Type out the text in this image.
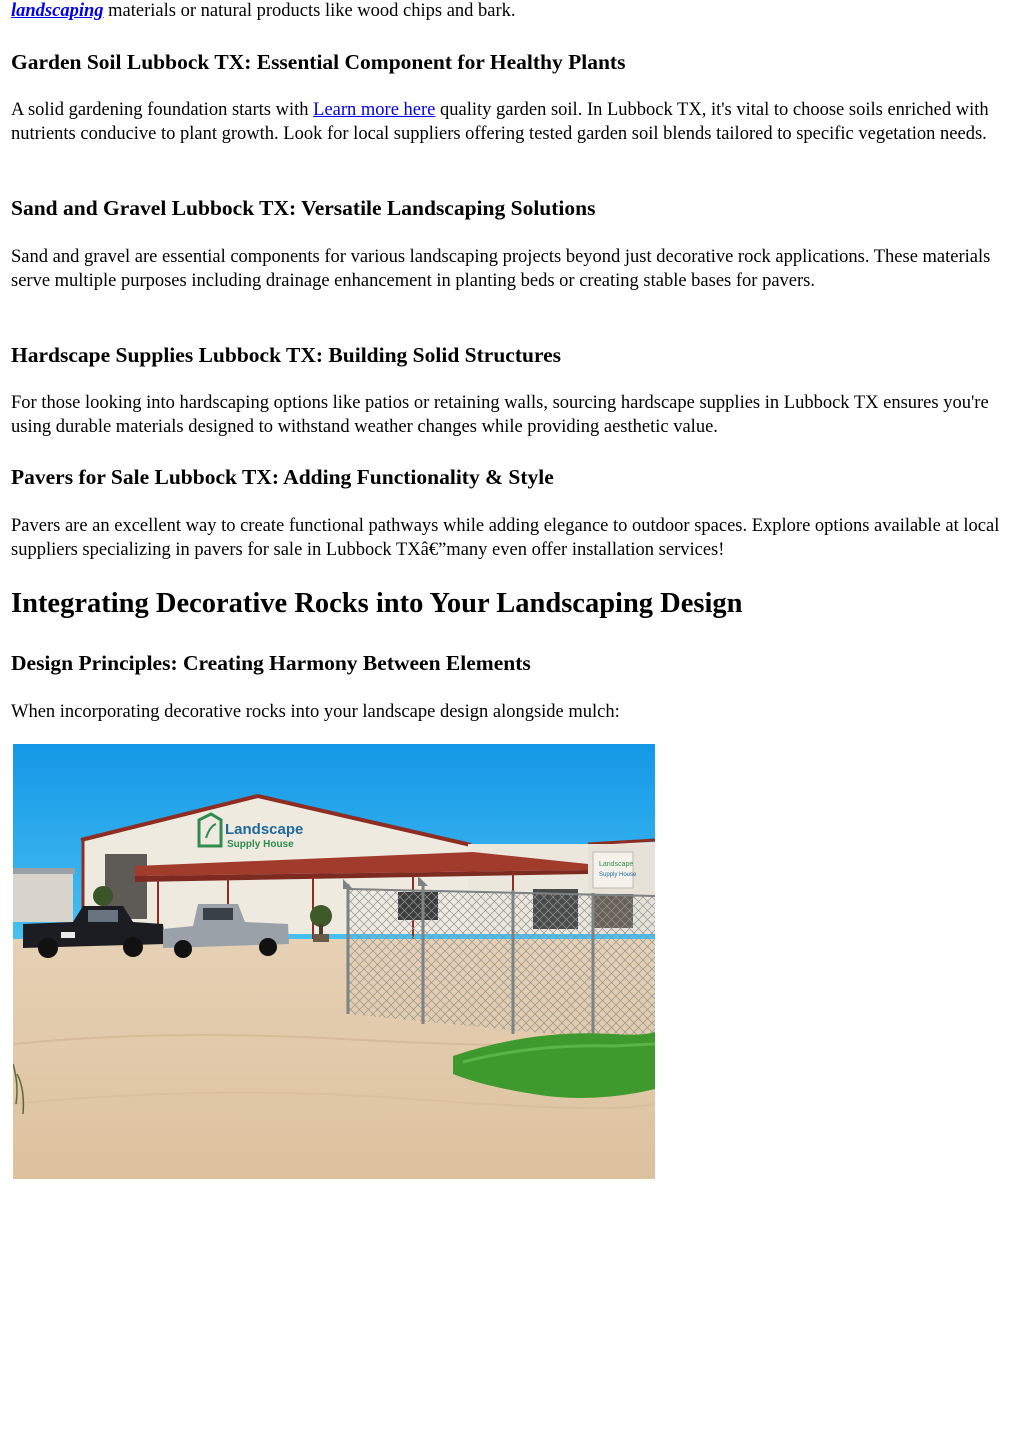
landscaping materials or natural products like wood chips and bark.

Garden Soil Lubbock TX: Essential Component for Healthy Plants

A solid gardening foundation starts with Learn more here quality garden soil. In Lubbock TX, it's vital to choose soils enriched with nutrients conducive to plant growth. Look for local suppliers offering tested garden soil blends tailored to specific vegetation needs.

Sand and Gravel Lubbock TX: Versatile Landscaping Solutions

Sand and gravel are essential components for various landscaping projects beyond just decorative rock applications. These materials serve multiple purposes including drainage enhancement in planting beds or creating stable bases for pavers.

Hardscape Supplies Lubbock TX: Building Solid Structures

For those looking into hardscaping options like patios or retaining walls, sourcing hardscape supplies in Lubbock TX ensures you're using durable materials designed to withstand weather changes while providing aesthetic value.

Pavers for Sale Lubbock TX: Adding Functionality & Style

Pavers are an excellent way to create functional pathways while adding elegance to outdoor spaces. Explore options available at local suppliers specializing in pavers for sale in Lubbock TXâ€”many even offer installation services!

Integrating Decorative Rocks into Your Landscaping Design
Design Principles: Creating Harmony Between Elements

When incorporating decorative rocks into your landscape design alongside mulch:

Landscape
Supply House
Landscape
Supply House
